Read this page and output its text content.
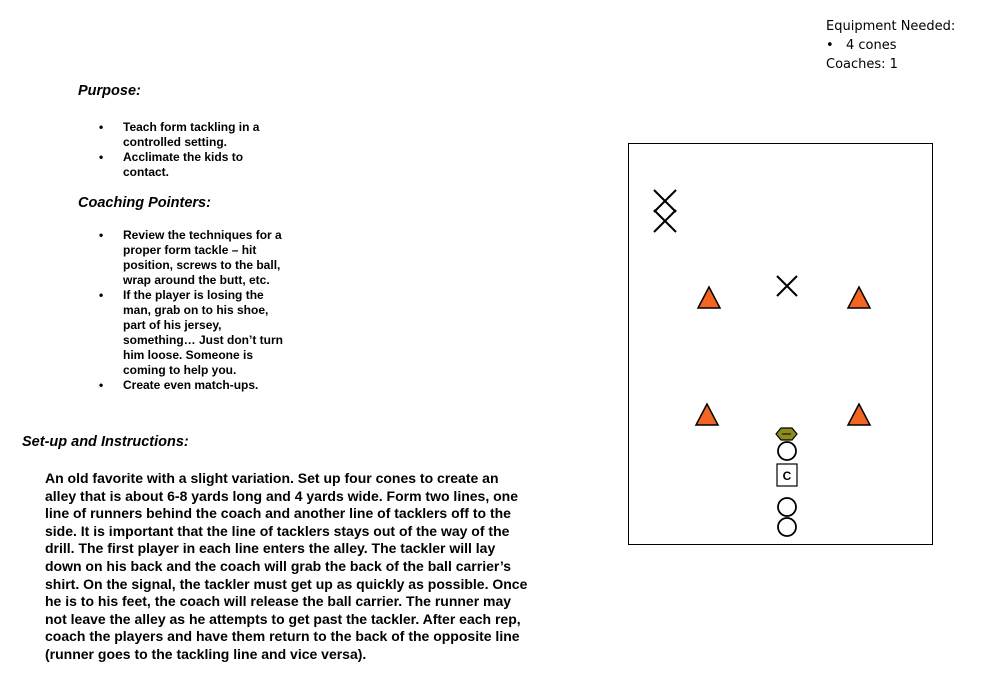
Equipment Needed:
• 4 cones
Coaches: 1
Purpose:
• Teach form tackling in a
controlled setting.
• Acclimate the kids to
contact.
Coaching Pointers:
• Review the techniques for a
proper form tackle – hit
position, screws to the ball,
wrap around the butt, etc.
• If the player is losing the
man, grab on to his shoe,
part of his jersey,
something… Just don’t turn
him loose. Someone is
coming to help you.
• Create even match-ups.
Set-up and Instructions:
An old favorite with a slight variation. Set up four cones to create an
alley that is about 6-8 yards long and 4 yards wide. Form two lines, one
line of runners behind the coach and another line of tacklers off to the
side. It is important that the line of tacklers stays out of the way of the
drill. The first player in each line enters the alley. The tackler will lay
down on his back and the coach will grab the back of the ball carrier’s
shirt. On the signal, the tackler must get up as quickly as possible. Once
he is to his feet, the coach will release the ball carrier. The runner may
not leave the alley as he attempts to get past the tackler. After each rep,
coach the players and have them return to the back of the opposite line
(runner goes to the tackling line and vice versa).
C
